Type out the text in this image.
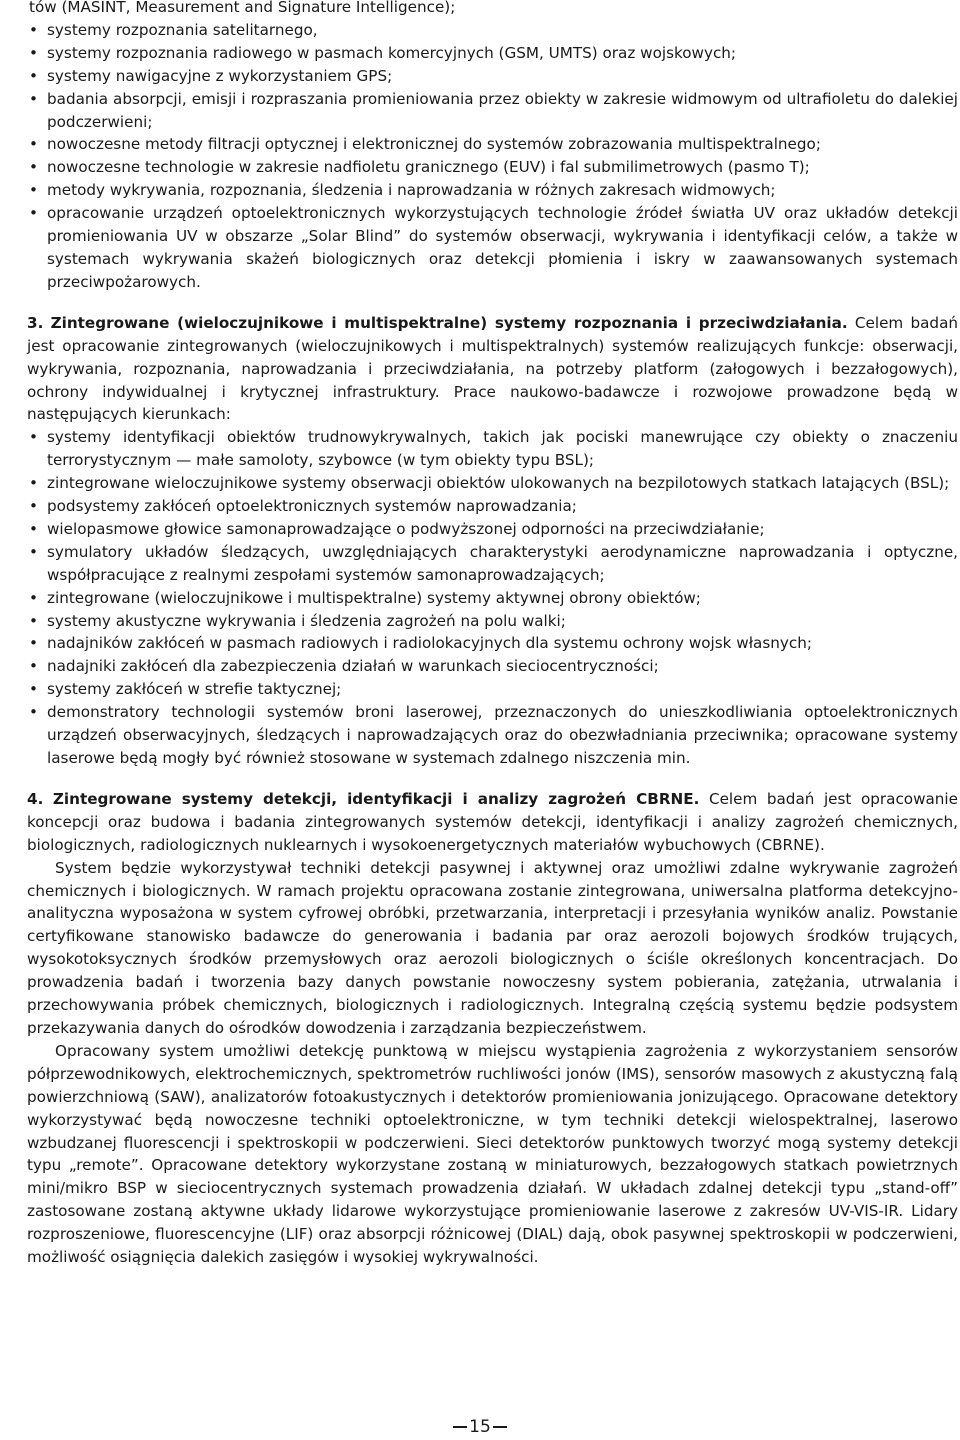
tów (MASINT, Measurement and Signature Intelligence);
• systemy rozpoznania satelitarnego,
• systemy rozpoznania radiowego w pasmach komercyjnych (GSM, UMTS) oraz wojskowych;
• systemy nawigacyjne z wykorzystaniem GPS;
• badania absorpcji, emisji i rozpraszania promieniowania przez obiekty w zakresie widmowym od ultrafioletu do dalekiej podczerwieni;
• nowoczesne metody filtracji optycznej i elektronicznej do systemów zobrazowania multispektralnego;
• nowoczesne technologie w zakresie nadfioletu granicznego (EUV) i fal submilimetrowych (pasmo T);
• metody wykrywania, rozpoznania, śledzenia i naprowadzania w różnych zakresach widmowych;
• opracowanie urządzeń optoelektronicznych wykorzystujących technologie źródeł światła UV oraz układów detekcji promieniowania UV w obszarze „Solar Blind” do systemów obserwacji, wykrywania i identyfikacji celów, a także w systemach wykrywania skażeń biologicznych oraz detekcji płomienia i iskry w zaawansowanych systemach przeciwpożarowych.

3. Zintegrowane (wieloczujnikowe i multispektralne) systemy rozpoznania i przeciwdziałania. Celem badań jest opracowanie zintegrowanych (wieloczujnikowych i multispektralnych) systemów realizujących funkcje: obserwacji, wykrywania, rozpoznania, naprowadzania i przeciwdziałania, na potrzeby platform (załogowych i bezzałogowych), ochrony indywidualnej i krytycznej infrastruktury. Prace naukowo-badawcze i rozwojowe prowadzone będą w następujących kierunkach:

• systemy identyfikacji obiektów trudnowykrywalnych, takich jak pociski manewrujące czy obiekty o znaczeniu terrorystycznym — małe samoloty, szybowce (w tym obiekty typu BSL);
• zintegrowane wieloczujnikowe systemy obserwacji obiektów ulokowanych na bezpilotowych statkach latających (BSL);
• podsystemy zakłóceń optoelektronicznych systemów naprowadzania;
• wielopasmowe głowice samonaprowadzające o podwyższonej odporności na przeciwdziałanie;
• symulatory układów śledzących, uwzględniających charakterystyki aerodynamiczne naprowadzania i optyczne, współpracujące z realnymi zespołami systemów samonaprowadzających;
• zintegrowane (wieloczujnikowe i multispektralne) systemy aktywnej obrony obiektów;
• systemy akustyczne wykrywania i śledzenia zagrożeń na polu walki;
• nadajników zakłóceń w pasmach radiowych i radiolokacyjnych dla systemu ochrony wojsk własnych;
• nadajniki zakłóceń dla zabezpieczenia działań w warunkach sieciocentryczności;
• systemy zakłóceń w strefie taktycznej;
• demonstratory technologii systemów broni laserowej, przeznaczonych do unieszkodliwiania optoelektronicznych urządzeń obserwacyjnych, śledzących i naprowadzających oraz do obezwładniania przeciwnika; opracowane systemy laserowe będą mogły być również stosowane w systemach zdalnego niszczenia min.

4. Zintegrowane systemy detekcji, identyfikacji i analizy zagrożeń CBRNE. Celem badań jest opracowanie koncepcji oraz budowa i badania zintegrowanych systemów detekcji, identyfikacji i analizy zagrożeń chemicznych, biologicznych, radiologicznych nuklearnych i wysokoenergetycznych materiałów wybuchowych (CBRNE).

System będzie wykorzystywał techniki detekcji pasywnej i aktywnej oraz umożliwi zdalne wykrywanie zagrożeń chemicznych i biologicznych. W ramach projektu opracowana zostanie zintegrowana, uniwersalna platforma detekcyjno-analityczna wyposażona w system cyfrowej obróbki, przetwarzania, interpretacji i przesyłania wyników analiz. Powstanie certyfikowane stanowisko badawcze do generowania i badania par oraz aerozoli bojowych środków trujących, wysokotoksycznych środków przemysłowych oraz aerozoli biologicznych o ściśle określonych koncentracjach. Do prowadzenia badań i tworzenia bazy danych powstanie nowoczesny system pobierania, zatężania, utrwalania i przechowywania próbek chemicznych, biologicznych i radiologicznych. Integralną częścią systemu będzie podsystem przekazywania danych do ośrodków dowodzenia i zarządzania bezpieczeństwem.

Opracowany system umożliwi detekcję punktową w miejscu wystąpienia zagrożenia z wykorzystaniem sensorów półprzewodnikowych, elektrochemicznych, spektrometrów ruchliwości jonów (IMS), sensorów masowych z akustyczną falą powierzchniową (SAW), analizatorów fotoakustycznych i detektorów promieniowania jonizującego. Opracowane detektory wykorzystywać będą nowoczesne techniki optoelektroniczne, w tym techniki detekcji wielospektralnej, laserowo wzbudzanej fluorescencji i spektroskopii w podczerwieni. Sieci detektorów punktowych tworzyć mogą systemy detekcji typu „remote”. Opracowane detektory wykorzystane zostaną w miniaturowych, bezzałogowych statkach powietrznych mini/mikro BSP w sieciocentrycznych systemach prowadzenia działań. W układach zdalnej detekcji typu „stand-off” zastosowane zostaną aktywne układy lidarowe wykorzystujące promieniowanie laserowe z zakresów UV-VIS-IR. Lidary rozproszeniowe, fluorescencyjne (LIF) oraz absorpcji różnicowej (DIAL) dają, obok pasywnej spektroskopii w podczerwieni, możliwość osiągnięcia dalekich zasięgów i wysokiej wykrywalności.

15
